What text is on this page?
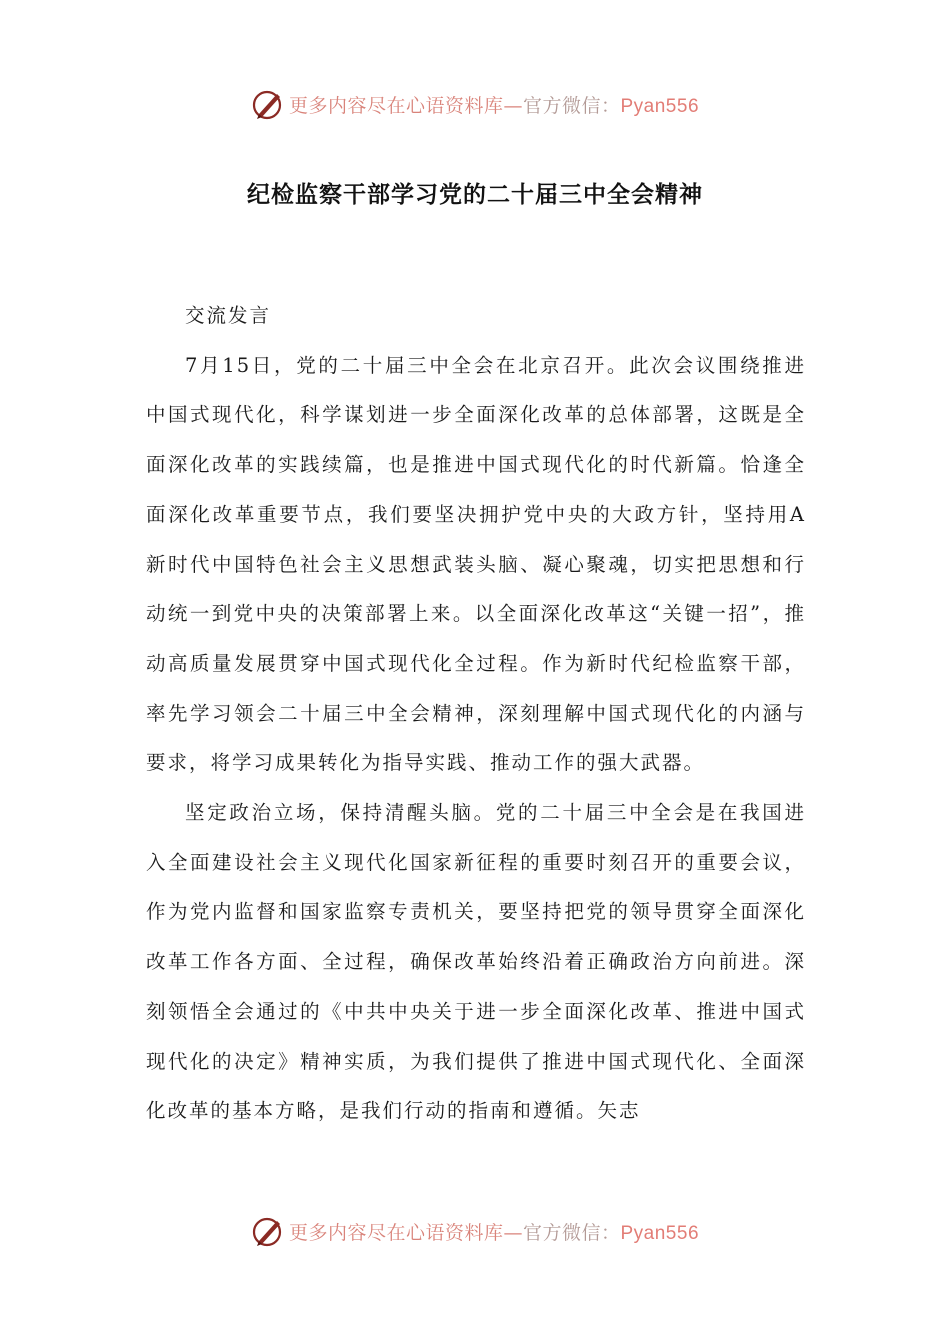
更多内容尽在心语资料库—官方微信：Pyan556
纪检监察干部学习党的二十届三中全会精神

交流发言

7月15日，党的二十届三中全会在北京召开。此次会议围绕推进中国式现代化，科学谋划进一步全面深化改革的总体部署，这既是全面深化改革的实践续篇，也是推进中国式现代化的时代新篇。恰逢全面深化改革重要节点，我们要坚决拥护党中央的大政方针，坚持用A新时代中国特色社会主义思想武装头脑、凝心聚魂，切实把思想和行动统一到党中央的决策部署上来。以全面深化改革这“关键一招”，推动高质量发展贯穿中国式现代化全过程。作为新时代纪检监察干部，率先学习领会二十届三中全会精神，深刻理解中国式现代化的内涵与要求，将学习成果转化为指导实践、推动工作的强大武器。

坚定政治立场，保持清醒头脑。党的二十届三中全会是在我国进入全面建设社会主义现代化国家新征程的重要时刻召开的重要会议，作为党内监督和国家监察专责机关，要坚持把党的领导贯穿全面深化改革工作各方面、全过程，确保改革始终沿着正确政治方向前进。深刻领悟全会通过的《中共中央关于进一步全面深化改革、推进中国式现代化的决定》精神实质，为我们提供了推进中国式现代化、全面深化改革的基本方略，是我们行动的指南和遵循。矢志

更多内容尽在心语资料库—官方微信：Pyan556
